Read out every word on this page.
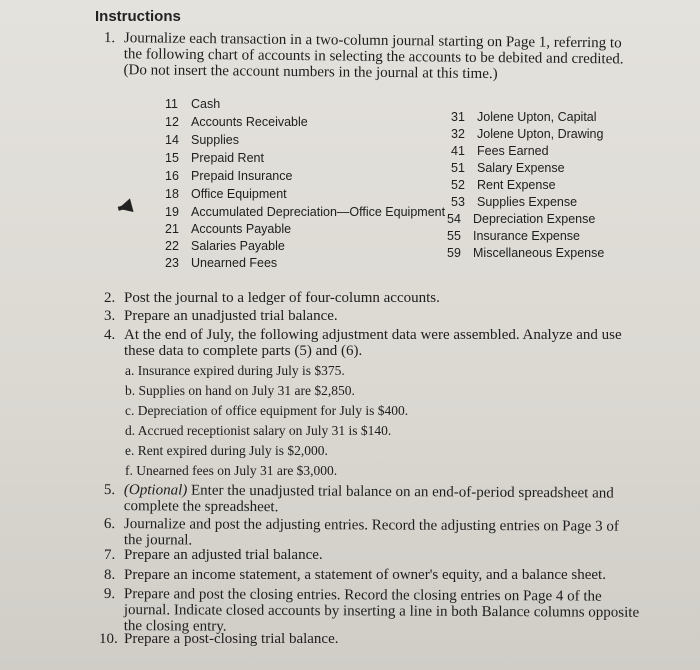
Instructions
1. Journalize each transaction in a two-column journal starting on Page 1, referring to
the following chart of accounts in selecting the accounts to be debited and credited.
(Do not insert the account numbers in the journal at this time.)
11 Cash
12 Accounts Receivable
14 Supplies
15 Prepaid Rent
16 Prepaid Insurance
18 Office Equipment
19 Accumulated Depreciation—Office Equipment
21 Accounts Payable
22 Salaries Payable
23 Unearned Fees
31 Jolene Upton, Capital
32 Jolene Upton, Drawing
41 Fees Earned
51 Salary Expense
52 Rent Expense
53 Supplies Expense
54 Depreciation Expense
55 Insurance Expense
59 Miscellaneous Expense
2. Post the journal to a ledger of four-column accounts.
3. Prepare an unadjusted trial balance.
4. At the end of July, the following adjustment data were assembled. Analyze and use
these data to complete parts (5) and (6).
a. Insurance expired during July is $375.
b. Supplies on hand on July 31 are $2,850.
c. Depreciation of office equipment for July is $400.
d. Accrued receptionist salary on July 31 is $140.
e. Rent expired during July is $2,000.
f. Unearned fees on July 31 are $3,000.
5. (Optional) Enter the unadjusted trial balance on an end-of-period spreadsheet and
complete the spreadsheet.
6. Journalize and post the adjusting entries. Record the adjusting entries on Page 3 of
the journal.
7. Prepare an adjusted trial balance.
8. Prepare an income statement, a statement of owner's equity, and a balance sheet.
9. Prepare and post the closing entries. Record the closing entries on Page 4 of the
journal. Indicate closed accounts by inserting a line in both Balance columns opposite
the closing entry.
10. Prepare a post-closing trial balance.
